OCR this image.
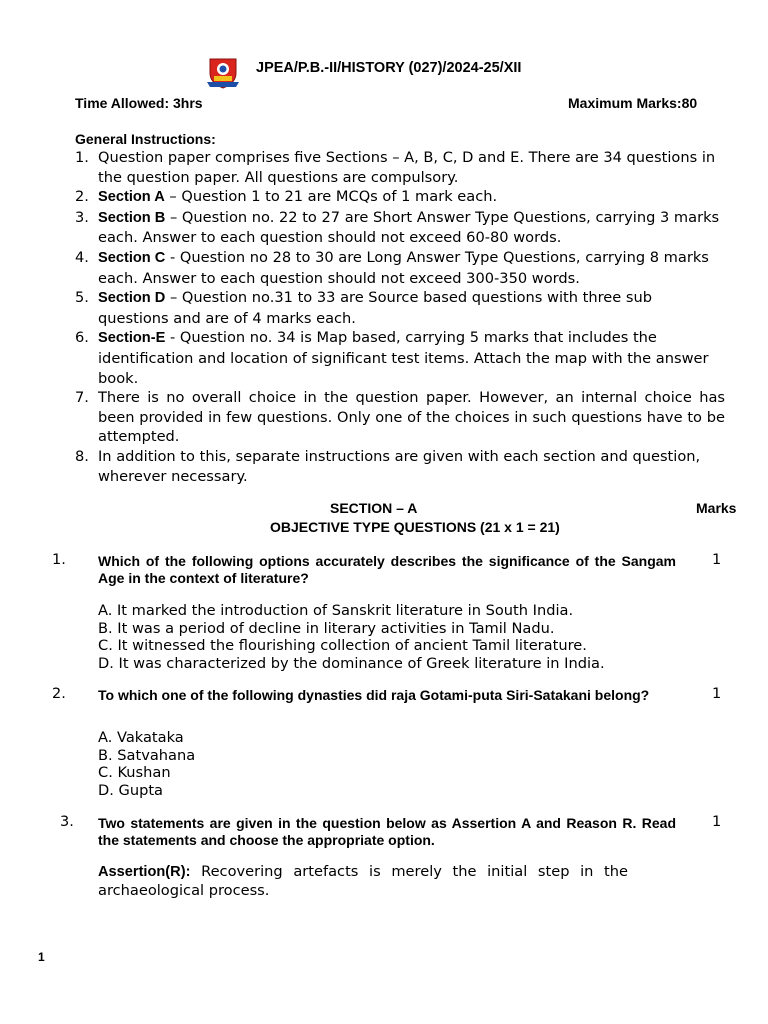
JPEA/P.B.-II/HISTORY (027)/2024-25/XII
Time Allowed: 3hrs	Maximum Marks:80
General Instructions:
1. Question paper comprises five Sections – A, B, C, D and E. There are 34 questions in the question paper. All questions are compulsory.
2. Section A – Question 1 to 21 are MCQs of 1 mark each.
3. Section B – Question no. 22 to 27 are Short Answer Type Questions, carrying 3 marks each. Answer to each question should not exceed 60-80 words.
4. Section C - Question no 28 to 30 are Long Answer Type Questions, carrying 8 marks each. Answer to each question should not exceed 300-350 words.
5. Section D – Question no.31 to 33 are Source based questions with three sub questions and are of 4 marks each.
6. Section-E - Question no. 34 is Map based, carrying 5 marks that includes the identification and location of significant test items. Attach the map with the answer book.
7. There is no overall choice in the question paper. However, an internal choice has been provided in few questions. Only one of the choices in such questions have to be attempted.
8. In addition to this, separate instructions are given with each section and question, wherever necessary.
SECTION – A	Marks
OBJECTIVE TYPE QUESTIONS (21 x 1 = 21)
1. Which of the following options accurately describes the significance of the Sangam Age in the context of literature?
1
A. It marked the introduction of Sanskrit literature in South India.
B. It was a period of decline in literary activities in Tamil Nadu.
C. It witnessed the flourishing collection of ancient Tamil literature.
D. It was characterized by the dominance of Greek literature in India.
2. To which one of the following dynasties did raja Gotami-puta Siri-Satakani belong?	1
A. Vakataka
B. Satvahana
C. Kushan
D. Gupta
3. Two statements are given in the question below as Assertion A and Reason R. Read the statements and choose the appropriate option.
1
Assertion(R): Recovering artefacts is merely the initial step in the archaeological process.
1
